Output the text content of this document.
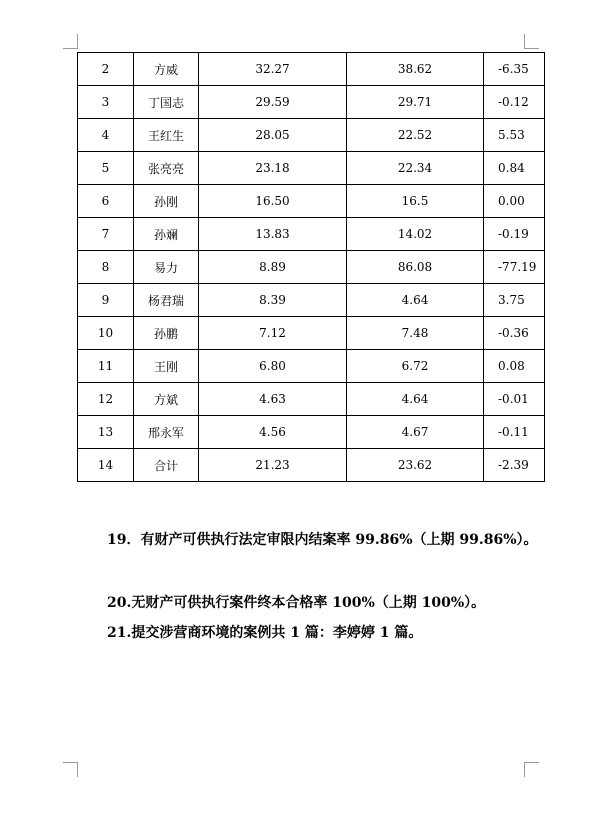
2	方威	32.27	38.62	-6.35
3	丁国志	29.59	29.71	-0.12
4	王红生	28.05	22.52	5.53
5	张亮亮	23.18	22.34	0.84
6	孙刚	16.50	16.5	0.00
7	孙斓	13.83	14.02	-0.19
8	易力	8.89	86.08	-77.19
9	杨君瑞	8.39	4.64	3.75
10	孙鹏	7.12	7.48	-0.36
11	王刚	6.80	6.72	0.08
12	方斌	4.63	4.64	-0.01
13	邢永军	4.56	4.67	-0.11
14	合计	21.23	23.62	-2.39
19．有财产可供执行法定审限内结案率 99.86%（上期 99.86%）。
20.无财产可供执行案件终本合格率 100%（上期 100%）。
21.提交涉营商环境的案例共 1 篇：李婷婷 1 篇。
